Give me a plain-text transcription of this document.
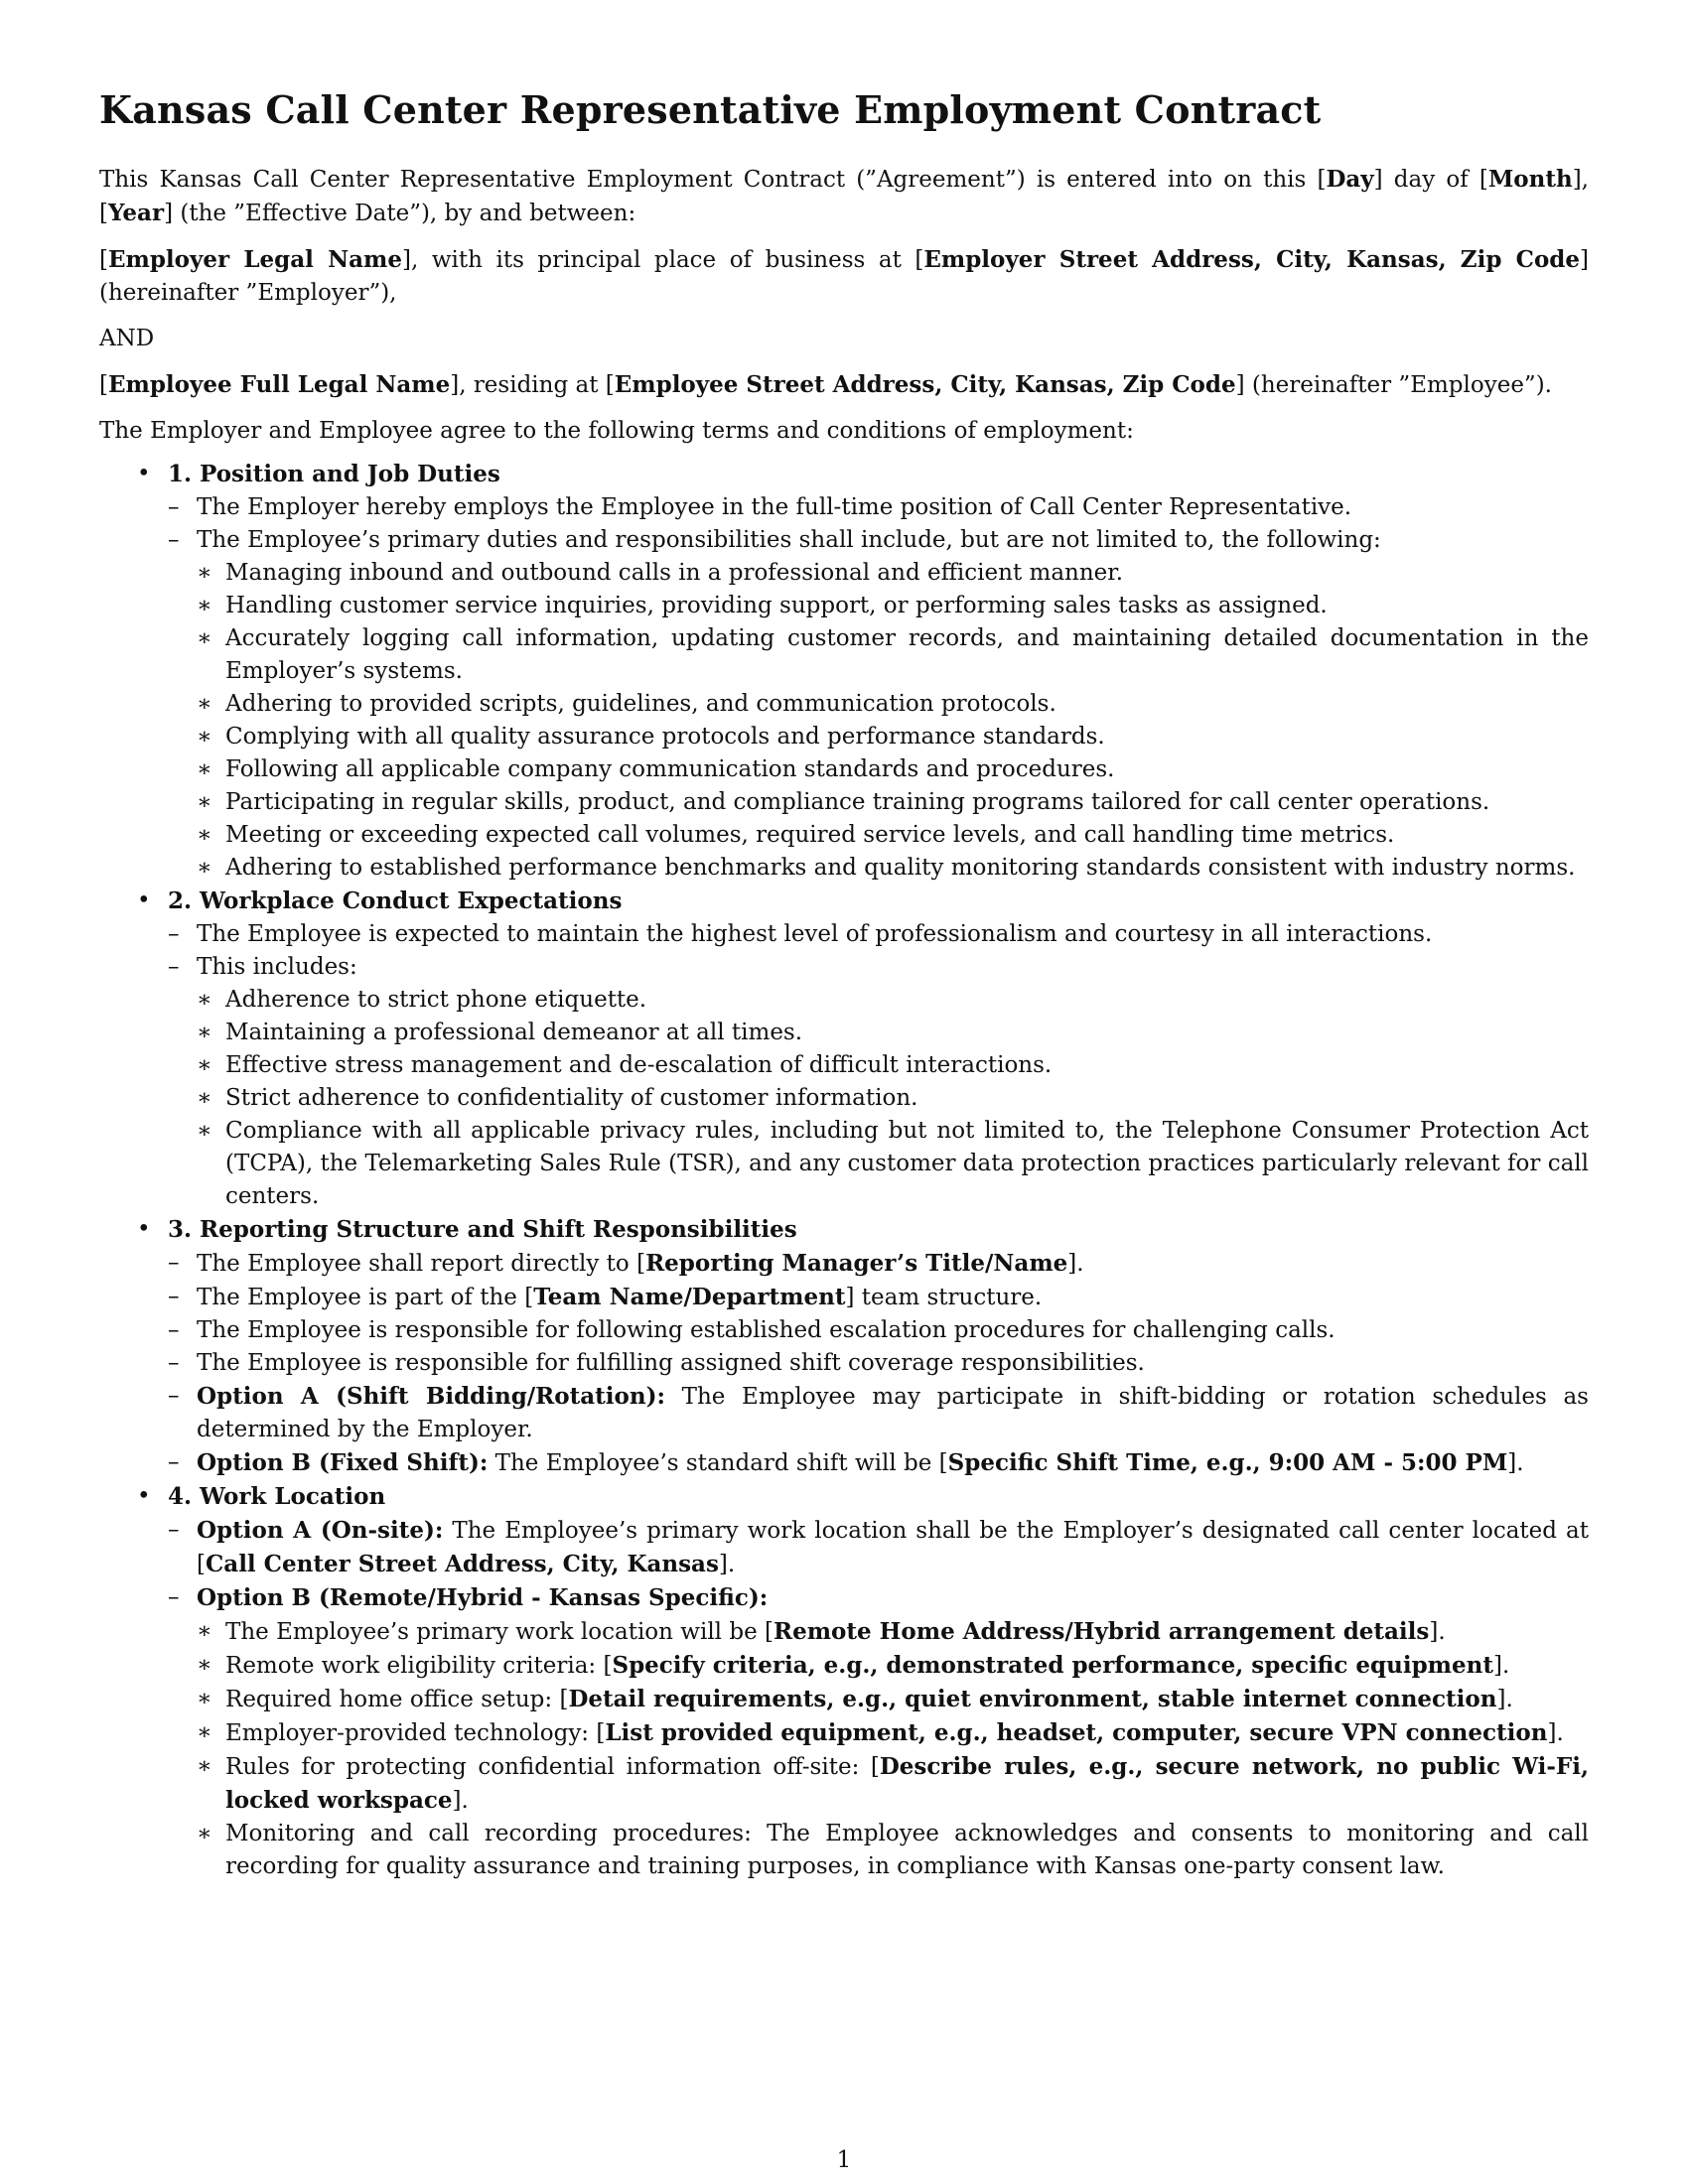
Kansas Call Center Representative Employment Contract

This Kansas Call Center Representative Employment Contract (”Agreement”) is entered into on this [Day] day of [Month], [Year] (the ”Effective Date”), by and between:

[Employer Legal Name], with its principal place of business at [Employer Street Address, City, Kansas, Zip Code] (hereinafter ”Employer”),

AND

[Employee Full Legal Name], residing at [Employee Street Address, City, Kansas, Zip Code] (hereinafter ”Employee”).

The Employer and Employee agree to the following terms and conditions of employment:

• 1. Position and Job Duties
– The Employer hereby employs the Employee in the full-time position of Call Center Representative.
– The Employee’s primary duties and responsibilities shall include, but are not limited to, the following:
∗ Managing inbound and outbound calls in a professional and efficient manner.
∗ Handling customer service inquiries, providing support, or performing sales tasks as assigned.
∗ Accurately logging call information, updating customer records, and maintaining detailed documentation in the Employer’s systems.
∗ Adhering to provided scripts, guidelines, and communication protocols.
∗ Complying with all quality assurance protocols and performance standards.
∗ Following all applicable company communication standards and procedures.
∗ Participating in regular skills, product, and compliance training programs tailored for call center operations.
∗ Meeting or exceeding expected call volumes, required service levels, and call handling time metrics.
∗ Adhering to established performance benchmarks and quality monitoring standards consistent with industry norms.
• 2. Workplace Conduct Expectations
– The Employee is expected to maintain the highest level of professionalism and courtesy in all interactions.
– This includes:
∗ Adherence to strict phone etiquette.
∗ Maintaining a professional demeanor at all times.
∗ Effective stress management and de-escalation of difficult interactions.
∗ Strict adherence to confidentiality of customer information.
∗ Compliance with all applicable privacy rules, including but not limited to, the Telephone Consumer Protection Act (TCPA), the Telemarketing Sales Rule (TSR), and any customer data protection practices particularly relevant for call centers.
• 3. Reporting Structure and Shift Responsibilities
– The Employee shall report directly to [Reporting Manager’s Title/Name].
– The Employee is part of the [Team Name/Department] team structure.
– The Employee is responsible for following established escalation procedures for challenging calls.
– The Employee is responsible for fulfilling assigned shift coverage responsibilities.
– Option A (Shift Bidding/Rotation): The Employee may participate in shift-bidding or rotation schedules as determined by the Employer.
– Option B (Fixed Shift): The Employee’s standard shift will be [Specific Shift Time, e.g., 9:00 AM - 5:00 PM].
• 4. Work Location
– Option A (On-site): The Employee’s primary work location shall be the Employer’s designated call center located at [Call Center Street Address, City, Kansas].
– Option B (Remote/Hybrid - Kansas Specific):
∗ The Employee’s primary work location will be [Remote Home Address/Hybrid arrangement details].
∗ Remote work eligibility criteria: [Specify criteria, e.g., demonstrated performance, specific equipment].
∗ Required home office setup: [Detail requirements, e.g., quiet environment, stable internet connection].
∗ Employer-provided technology: [List provided equipment, e.g., headset, computer, secure VPN connection].
∗ Rules for protecting confidential information off-site: [Describe rules, e.g., secure network, no public Wi-Fi, locked workspace].
∗ Monitoring and call recording procedures: The Employee acknowledges and consents to monitoring and call recording for quality assurance and training purposes, in compliance with Kansas one-party consent law.
1
